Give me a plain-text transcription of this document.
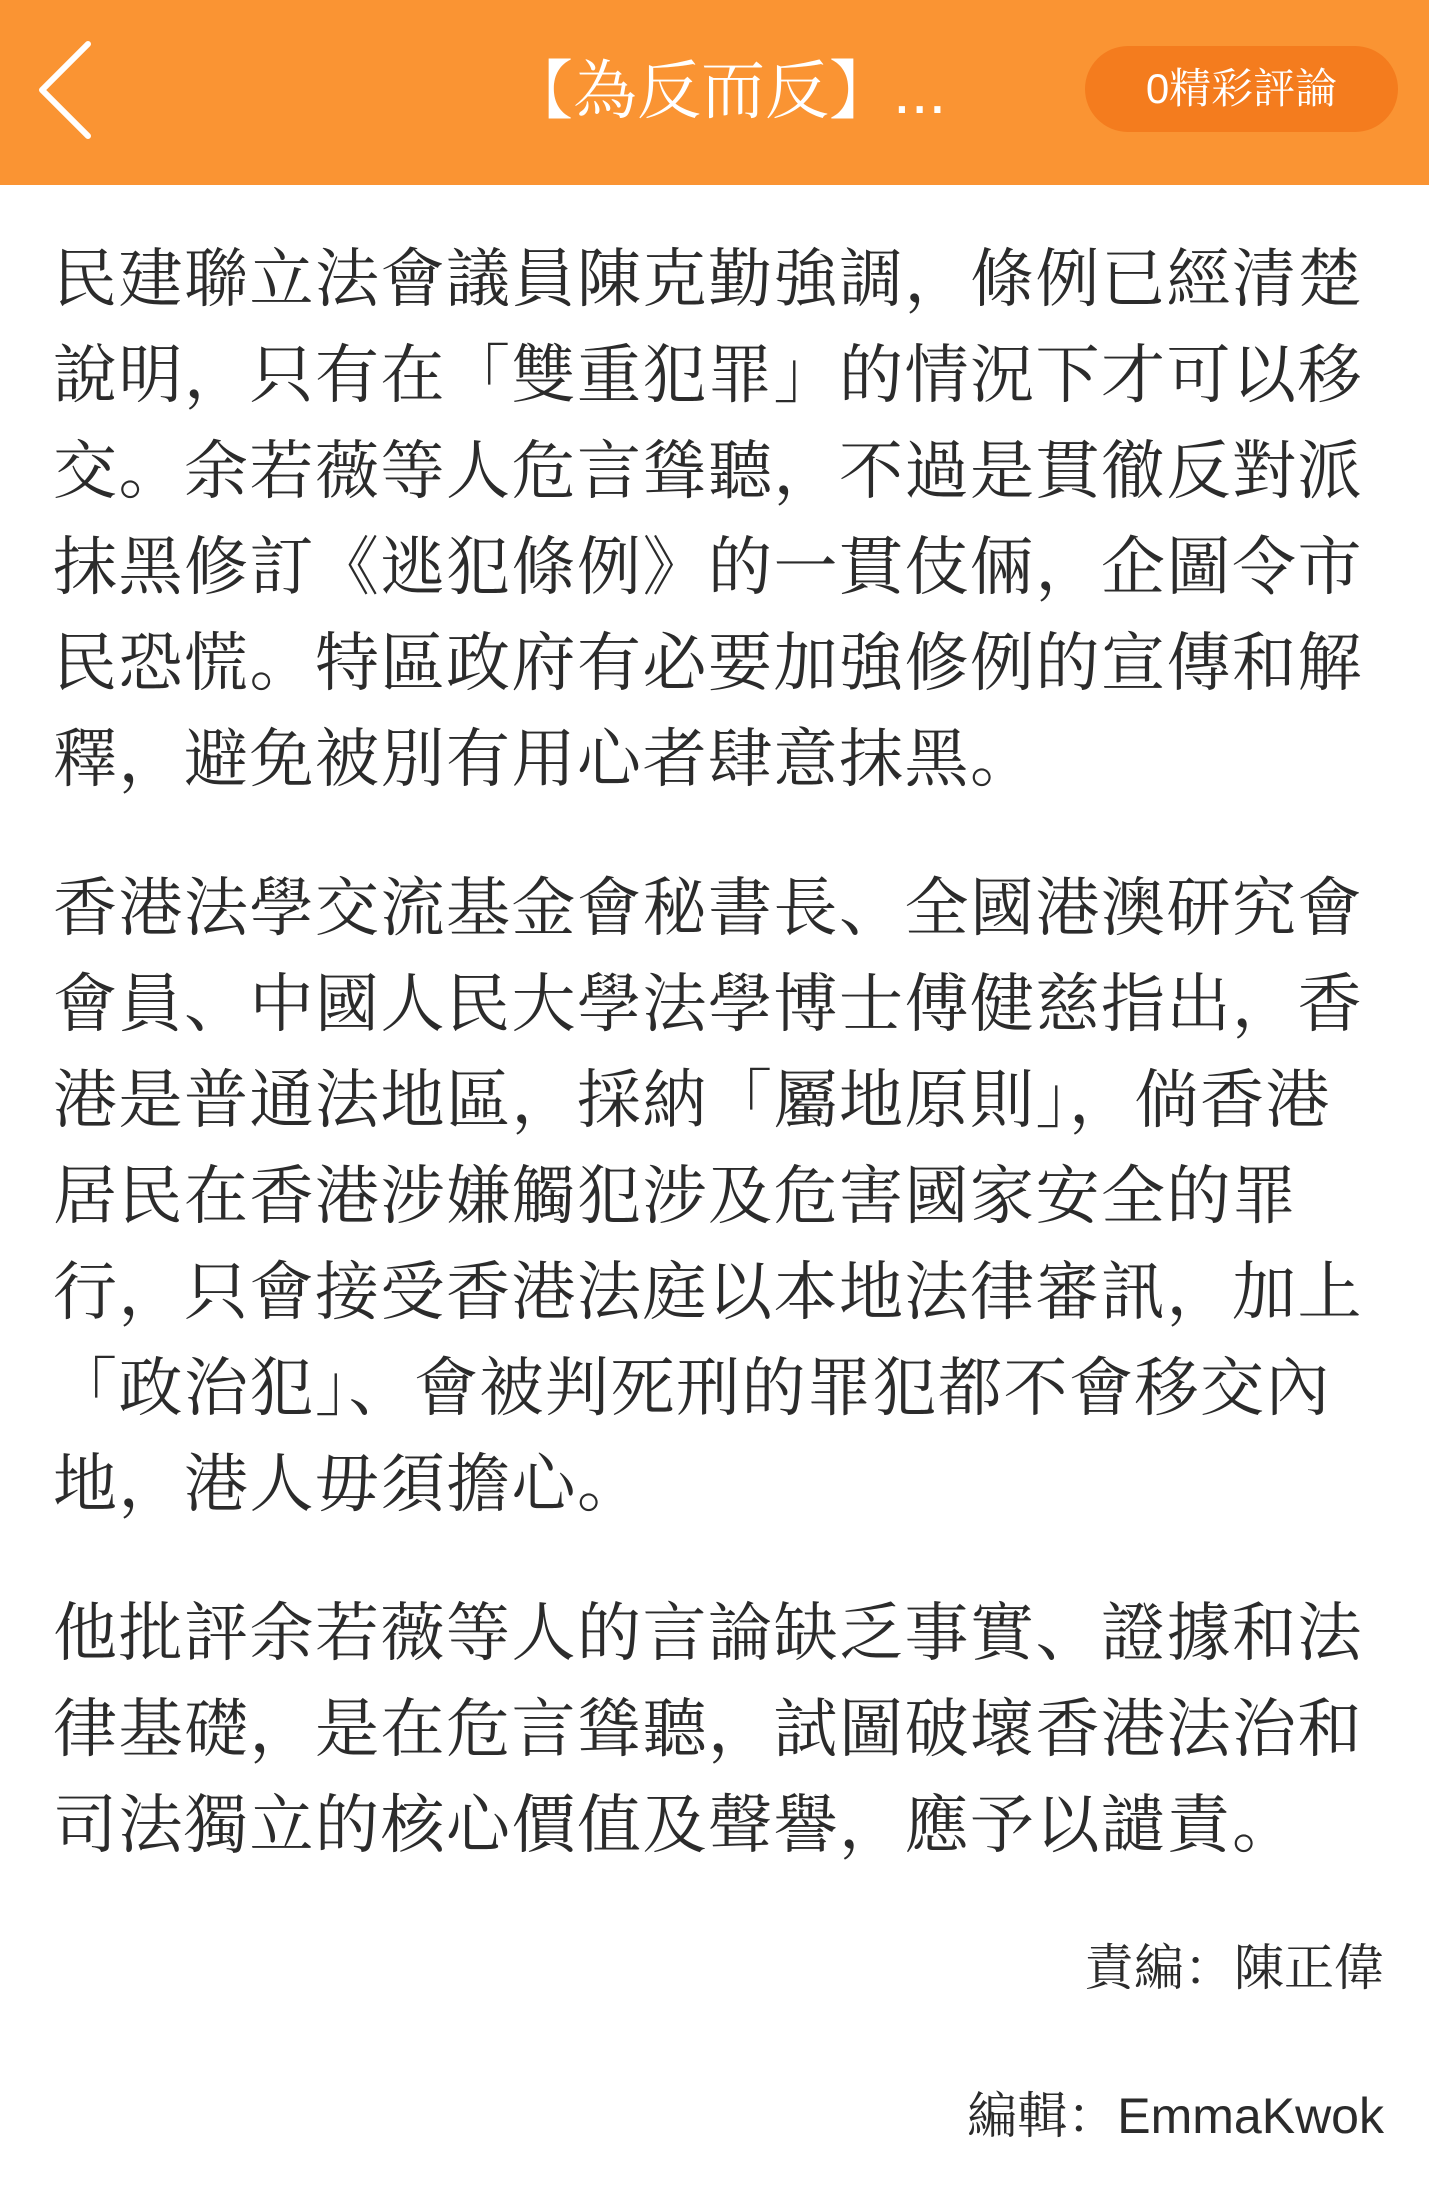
【為反而反】...	0精彩評論
民建聯立法會議員陳克勤強調，條例已經清楚
說明，只有在「雙重犯罪」的情況下才可以移
交。余若薇等人危言聳聽，不過是貫徹反對派
抹黑修訂《逃犯條例》的一貫伎倆，企圖令市
民恐慌。特區政府有必要加強修例的宣傳和解
釋，避免被別有用心者肆意抹黑。
香港法學交流基金會秘書長、全國港澳研究會
會員、中國人民大學法學博士傅健慈指出，香
港是普通法地區，採納「屬地原則」，倘香港
居民在香港涉嫌觸犯涉及危害國家安全的罪
行，只會接受香港法庭以本地法律審訊，加上
「政治犯」、會被判死刑的罪犯都不會移交內
地，港人毋須擔心。
他批評余若薇等人的言論缺乏事實、證據和法
律基礎，是在危言聳聽，試圖破壞香港法治和
司法獨立的核心價值及聲譽，應予以譴責。
責編：陳正偉
編輯：EmmaKwok
